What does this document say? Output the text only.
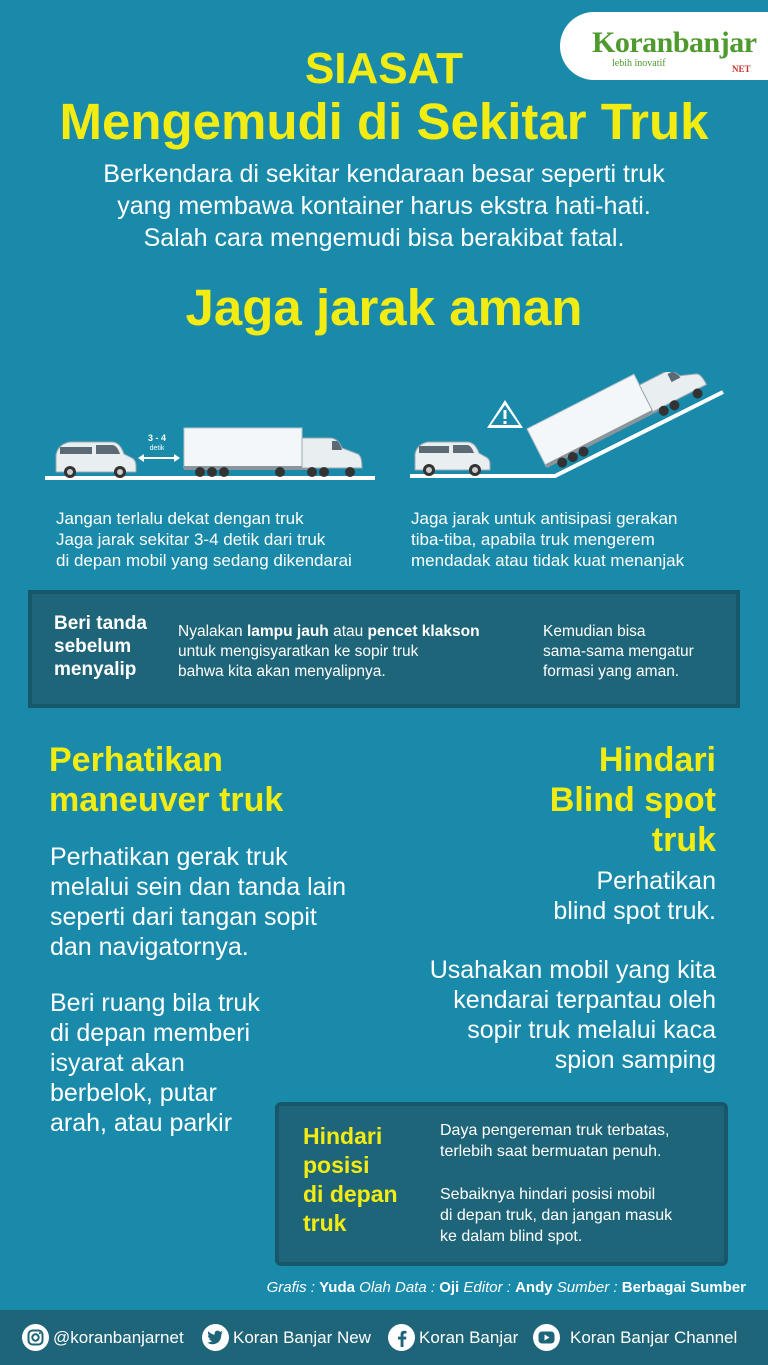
Koranbanjar
lebih inovatif	NET
SIASAT
Mengemudi di Sekitar Truk
Berkendara di sekitar kendaraan besar seperti truk
yang membawa kontainer harus ekstra hati-hati.
Salah cara mengemudi bisa berakibat fatal.
Jaga jarak aman
3 - 4
detik
Jangan terlalu dekat dengan truk
Jaga jarak sekitar 3-4 detik dari truk
di depan mobil yang sedang dikendarai
Jaga jarak untuk antisipasi gerakan
tiba-tiba, apabila truk mengerem
mendadak atau tidak kuat menanjak
Beri tanda
sebelum
menyalip
Nyalakan lampu jauh atau pencet klakson
untuk mengisyaratkan ke sopir truk
bahwa kita akan menyalipnya.
Kemudian bisa
sama-sama mengatur
formasi yang aman.
Perhatikan
maneuver truk
Perhatikan gerak truk
melalui sein dan tanda lain
seperti dari tangan sopit
dan navigatornya.
Beri ruang bila truk
di depan memberi
isyarat akan
berbelok, putar
arah, atau parkir
Hindari
Blind spot
truk
Perhatikan
blind spot truk.
Usahakan mobil yang kita
kendarai terpantau oleh
sopir truk melalui kaca
spion samping
Hindari
posisi
di depan
truk
Daya pengereman truk terbatas,
terlebih saat bermuatan penuh.
Sebaiknya hindari posisi mobil
di depan truk, dan jangan masuk
ke dalam blind spot.
Grafis : Yuda Olah Data : Oji Editor : Andy Sumber : Berbagai Sumber
@koranbanjarnet	Koran Banjar New	Koran Banjar	Koran Banjar Channel
